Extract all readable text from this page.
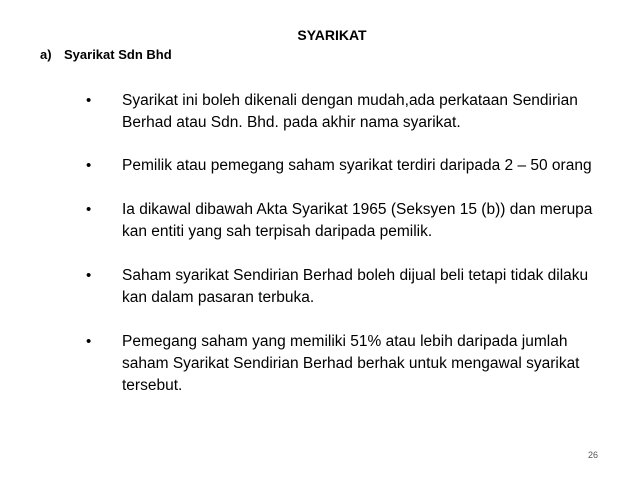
SYARIKAT
a) Syarikat Sdn Bhd
• Syarikat ini boleh dikenali dengan mudah,ada perkataan Sendirian Berhad atau Sdn. Bhd. pada akhir nama syarikat.
• Pemilik atau pemegang saham syarikat terdiri daripada 2 – 50 orang
• Ia dikawal dibawah Akta Syarikat 1965 (Seksyen 15 (b)) dan merupa kan entiti yang sah terpisah daripada pemilik.
• Saham syarikat Sendirian Berhad boleh dijual beli tetapi tidak dilaku kan dalam pasaran terbuka.
• Pemegang saham yang memiliki 51% atau lebih daripada jumlah saham Syarikat Sendirian Berhad berhak untuk mengawal syarikat tersebut.
26
